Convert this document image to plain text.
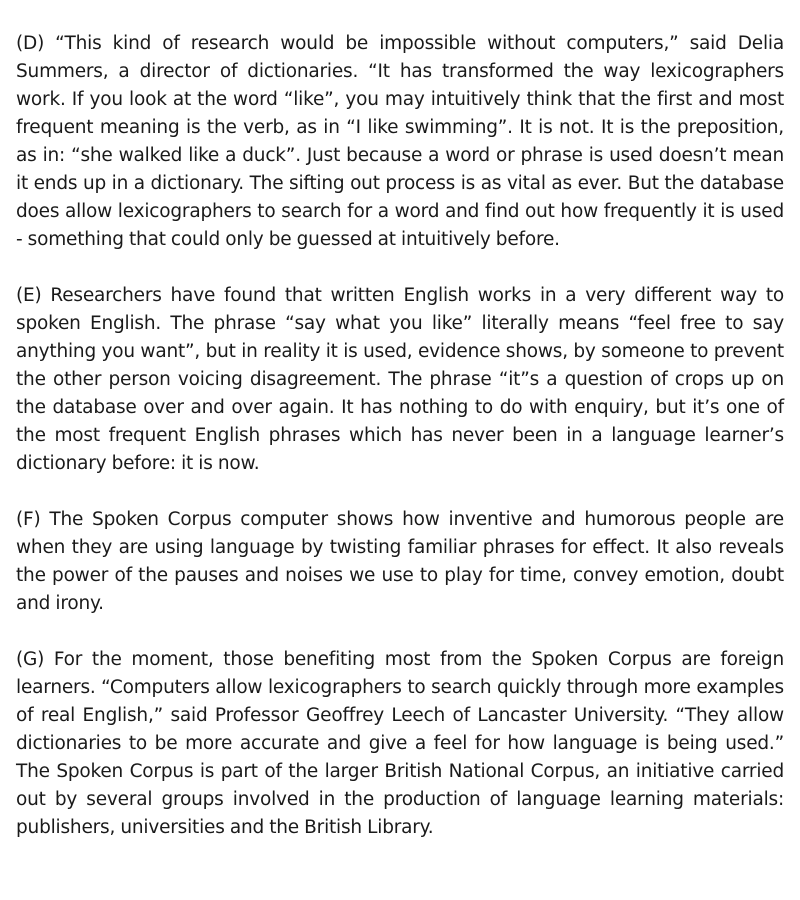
(D) “This kind of research would be impossible without computers,” said Delia Summers, a director of dictionaries. “It has transformed the way lexicographers work. If you look at the word “like”, you may intuitively think that the first and most frequent meaning is the verb, as in “I like swimming”. It is not. It is the preposition, as in: “she walked like a duck”. Just because a word or phrase is used doesn’t mean it ends up in a dictionary. The sifting out process is as vital as ever. But the database does allow lexicographers to search for a word and find out how frequently it is used - something that could only be guessed at intuitively before.

(E) Researchers have found that written English works in a very different way to spoken English. The phrase “say what you like” literally means “feel free to say anything you want”, but in reality it is used, evidence shows, by someone to prevent the other person voicing disagreement. The phrase “it”s a question of crops up on the database over and over again. It has nothing to do with enquiry, but it’s one of the most frequent English phrases which has never been in a language learner’s dictionary before: it is now.

(F) The Spoken Corpus computer shows how inventive and humorous people are when they are using language by twisting familiar phrases for effect. It also reveals the power of the pauses and noises we use to play for time, convey emotion, doubt and irony.

(G) For the moment, those benefiting most from the Spoken Corpus are foreign learners. “Computers allow lexicographers to search quickly through more examples of real English,” said Professor Geoffrey Leech of Lancaster University. “They allow dictionaries to be more accurate and give a feel for how language is being used.” The Spoken Corpus is part of the larger British National Corpus, an initiative carried out by several groups involved in the production of language learning materials: publishers, universities and the British Library.
